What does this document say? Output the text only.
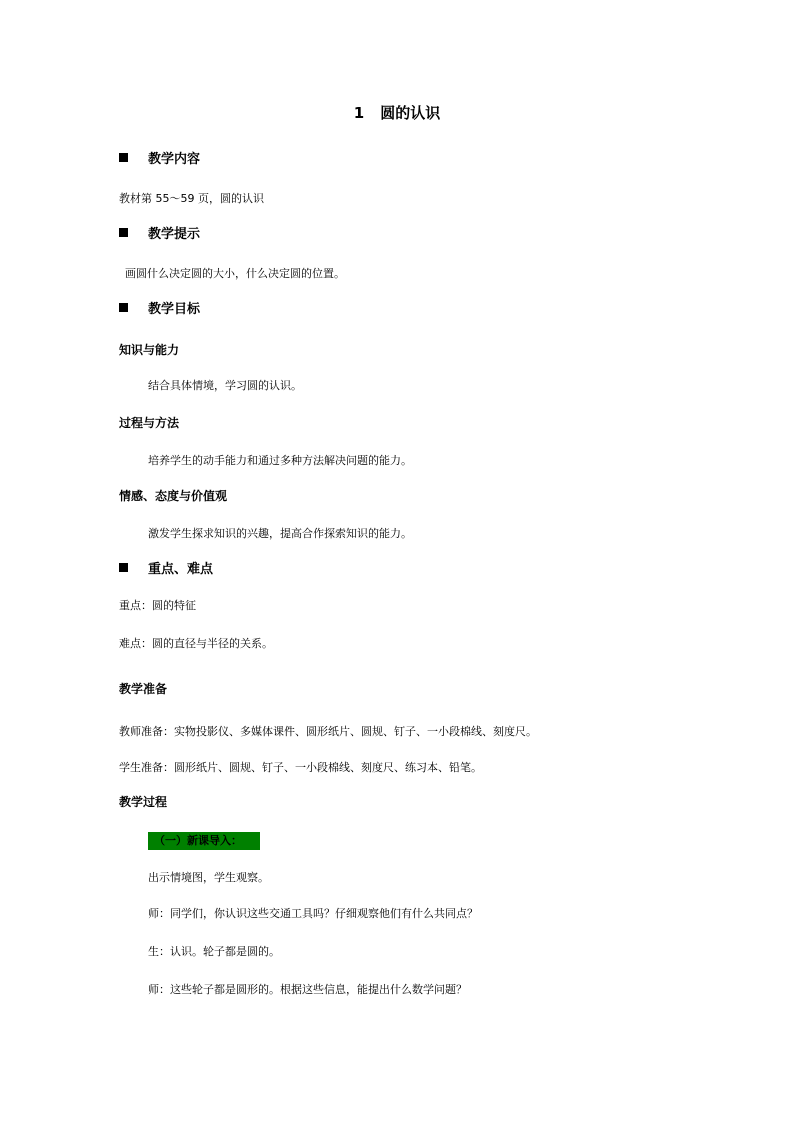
1 圆的认识
教学内容
教材第 55～59 页，圆的认识
教学提示
画圆什么决定圆的大小，什么决定圆的位置。
教学目标
知识与能力
结合具体情境，学习圆的认识。
过程与方法
培养学生的动手能力和通过多种方法解决问题的能力。
情感、态度与价值观
激发学生探求知识的兴趣，提高合作探索知识的能力。
重点、难点
重点：圆的特征
难点：圆的直径与半径的关系。
教学准备
教师准备：实物投影仪、多媒体课件、圆形纸片、圆规、钉子、一小段棉线、刻度尺。
学生准备：圆形纸片、圆规、钉子、一小段棉线、刻度尺、练习本、铅笔。
教学过程
（一）新课导入：
出示情境图，学生观察。
师：同学们，你认识这些交通工具吗？仔细观察他们有什么共同点？
生：认识。轮子都是圆的。
师：这些轮子都是圆形的。根据这些信息，能提出什么数学问题？
